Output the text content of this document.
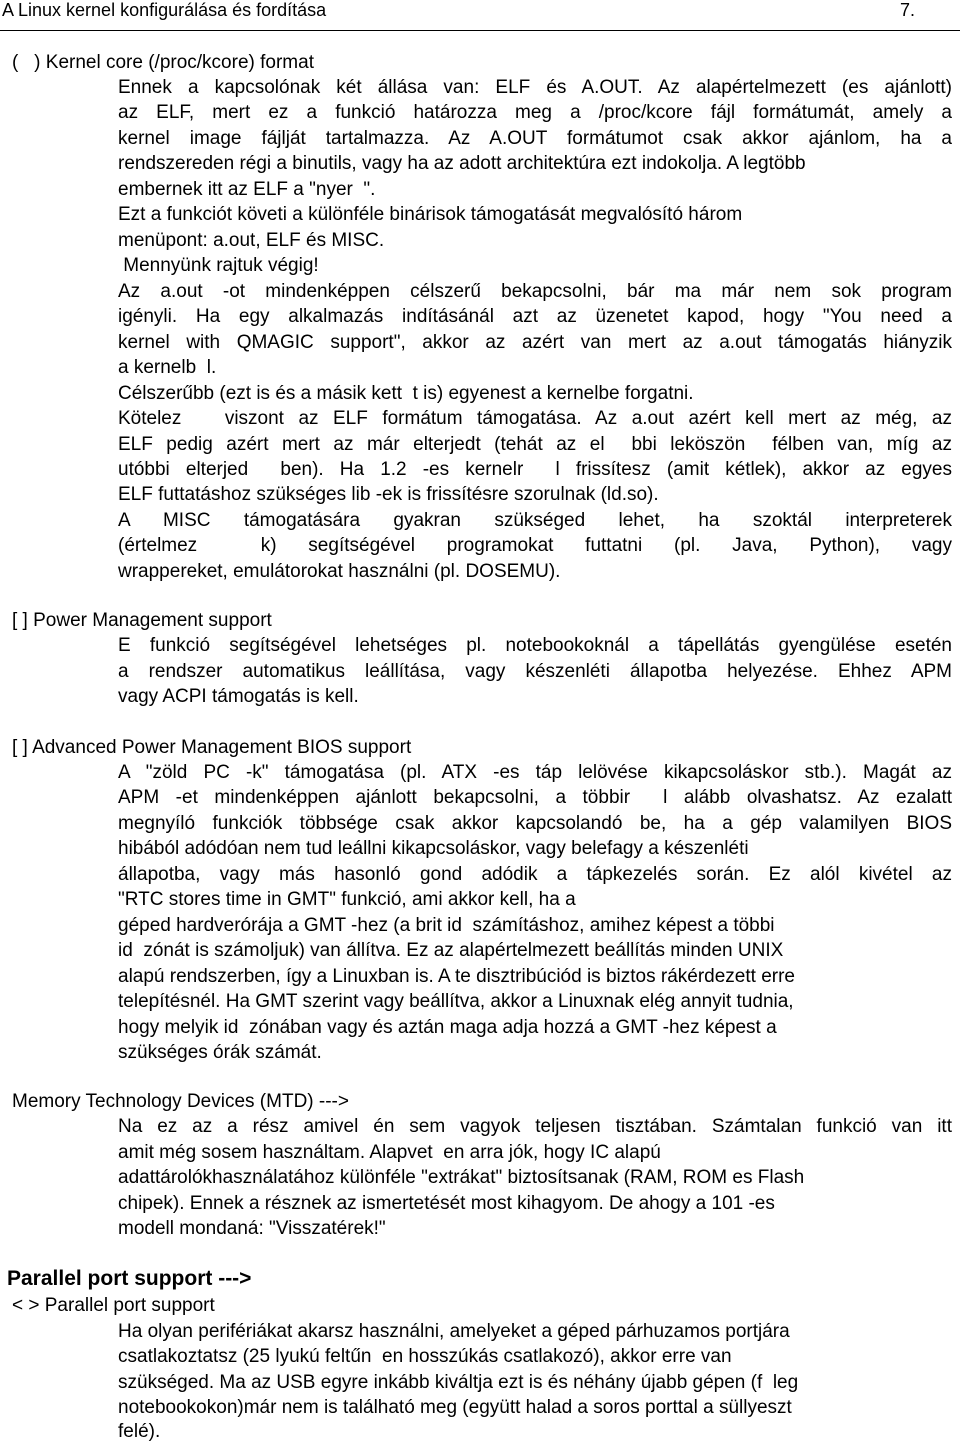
A Linux kernel konfigurálása és fordítása	7.
(   ) Kernel core (/proc/kcore) format
Ennek a kapcsolónak két állása van: ELF és A.OUT. Az alapértelmezett (es ajánlott)
az ELF, mert ez a funkció határozza meg a /proc/kcore fájl formátumát, amely a
kernel image fájlját tartalmazza. Az A.OUT formátumot csak akkor ajánlom, ha a
rendszereden régi a binutils, vagy ha az adott architektúra ezt indokolja. A legtöbb
embernek itt az ELF a "nyer  ".
Ezt a funkciót követi a különféle binárisok támogatását megvalósító három
menüpont: a.out, ELF és MISC.
Mennyünk rajtuk végig!
Az a.out -ot mindenképpen célszerű bekapcsolni, bár ma már nem sok program
igényli. Ha egy alkalmazás indításánál azt az üzenetet kapod, hogy "You need a
kernel with QMAGIC support", akkor az azért van mert az a.out támogatás hiányzik
a kernelb  l.
Célszerűbb (ezt is és a másik kett  t is) egyenest a kernelbe forgatni.
Kötelez   viszont az ELF formátum támogatása. Az a.out azért kell mert az még, az
ELF pedig azért mert az már elterjedt (tehát az el  bbi leköszön  félben van, míg az
utóbbi elterjed  ben). Ha 1.2 -es kernelr  l frissítesz (amit kétlek), akkor az egyes
ELF futtatáshoz szükséges lib -ek is frissítésre szorulnak (ld.so).
A MISC támogatására gyakran szükséged lehet, ha szoktál interpreterek
(értelmez  k) segítségével programokat futtatni (pl. Java, Python), vagy
wrappereket, emulátorokat használni (pl. DOSEMU).
[ ] Power Management support
E funkció segítségével lehetséges pl. notebookoknál a tápellátás gyengülése esetén
a rendszer automatikus leállítása, vagy készenléti állapotba helyezése. Ehhez APM
vagy ACPI támogatás is kell.
[ ] Advanced Power Management BIOS support
A "zöld PC -k" támogatása (pl. ATX -es táp lelövése kikapcsoláskor stb.). Magát az
APM -et mindenképpen ajánlott bekapcsolni, a többir  l alább olvashatsz. Az ezalatt
megnyíló funkciók többsége csak akkor kapcsolandó be, ha a gép valamilyen BIOS
hibából adódóan nem tud leállni kikapcsoláskor, vagy belefagy a készenléti
állapotba, vagy más hasonló gond adódik a tápkezelés során. Ez alól kivétel az
"RTC stores time in GMT" funkció, ami akkor kell, ha a
géped hardverórája a GMT -hez (a brit id  számításhoz, amihez képest a többi
id  zónát is számoljuk) van állítva. Ez az alapértelmezett beállítás minden UNIX
alapú rendszerben, így a Linuxban is. A te disztribúciód is biztos rákérdezett erre
telepítésnél. Ha GMT szerint vagy beállítva, akkor a Linuxnak elég annyit tudnia,
hogy melyik id  zónában vagy és aztán maga adja hozzá a GMT -hez képest a
szükséges órák számát.
Memory Technology Devices (MTD) --->
Na ez az a rész amivel én sem vagyok teljesen tisztában. Számtalan funkció van itt
amit még sosem használtam. Alapvet  en arra jók, hogy IC alapú
adattárolókhasználatához különféle "extrákat" biztosítsanak (RAM, ROM es Flash
chipek). Ennek a résznek az ismertetését most kihagyom. De ahogy a 101 -es
modell mondaná: "Visszatérek!"
Parallel port support --->
< > Parallel port support
Ha olyan perifériákat akarsz használni, amelyeket a géped párhuzamos portjára
csatlakoztatsz (25 lyukú feltűn  en hosszúkás csatlakozó), akkor erre van
szükséged. Ma az USB egyre inkább kiváltja ezt is és néhány újabb gépen (f  leg
notebookokon)már nem is található meg (együtt halad a soros porttal a süllyeszt
felé).
